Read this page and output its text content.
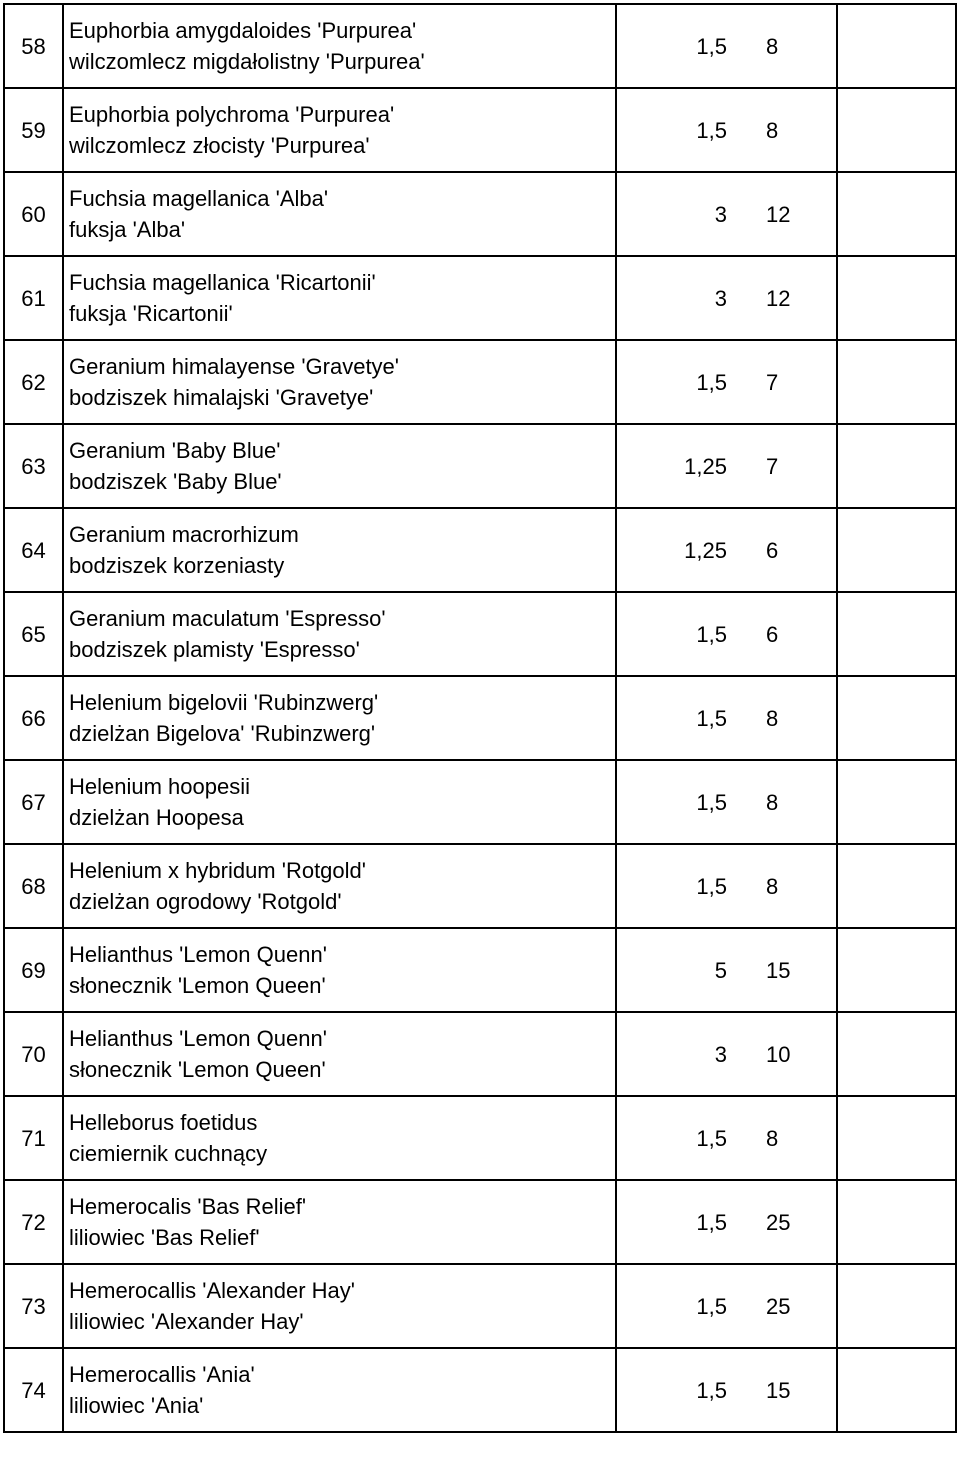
58	Euphorbia amygdaloides 'Purpurea'
wilczomlecz migdałolistny 'Purpurea'	1,5	8	
59	Euphorbia polychroma 'Purpurea'
wilczomlecz złocisty 'Purpurea'	1,5	8	
60	Fuchsia magellanica 'Alba'
fuksja 'Alba'	3	12	
61	Fuchsia magellanica 'Ricartonii'
fuksja 'Ricartonii'	3	12	
62	Geranium himalayense 'Gravetye'
bodziszek himalajski 'Gravetye'	1,5	7	
63	Geranium 'Baby Blue'
bodziszek 'Baby Blue'	1,25	7	
64	Geranium macrorhizum
bodziszek korzeniasty	1,25	6	
65	Geranium maculatum 'Espresso'
bodziszek plamisty 'Espresso'	1,5	6	
66	Helenium bigelovii 'Rubinzwerg'
dzielżan Bigelova' 'Rubinzwerg'	1,5	8	
67	Helenium hoopesii
dzielżan Hoopesa	1,5	8	
68	Helenium x hybridum 'Rotgold'
dzielżan ogrodowy 'Rotgold'	1,5	8	
69	Helianthus 'Lemon Quenn'
słonecznik 'Lemon Queen'	5	15	
70	Helianthus 'Lemon Quenn'
słonecznik 'Lemon Queen'	3	10	
71	Helleborus foetidus
ciemiernik cuchnący	1,5	8	
72	Hemerocalis 'Bas Relief'
liliowiec 'Bas Relief'	1,5	25	
73	Hemerocallis 'Alexander Hay'
liliowiec 'Alexander Hay'	1,5	25	
74	Hemerocallis 'Ania'
liliowiec 'Ania'	1,5	15	
